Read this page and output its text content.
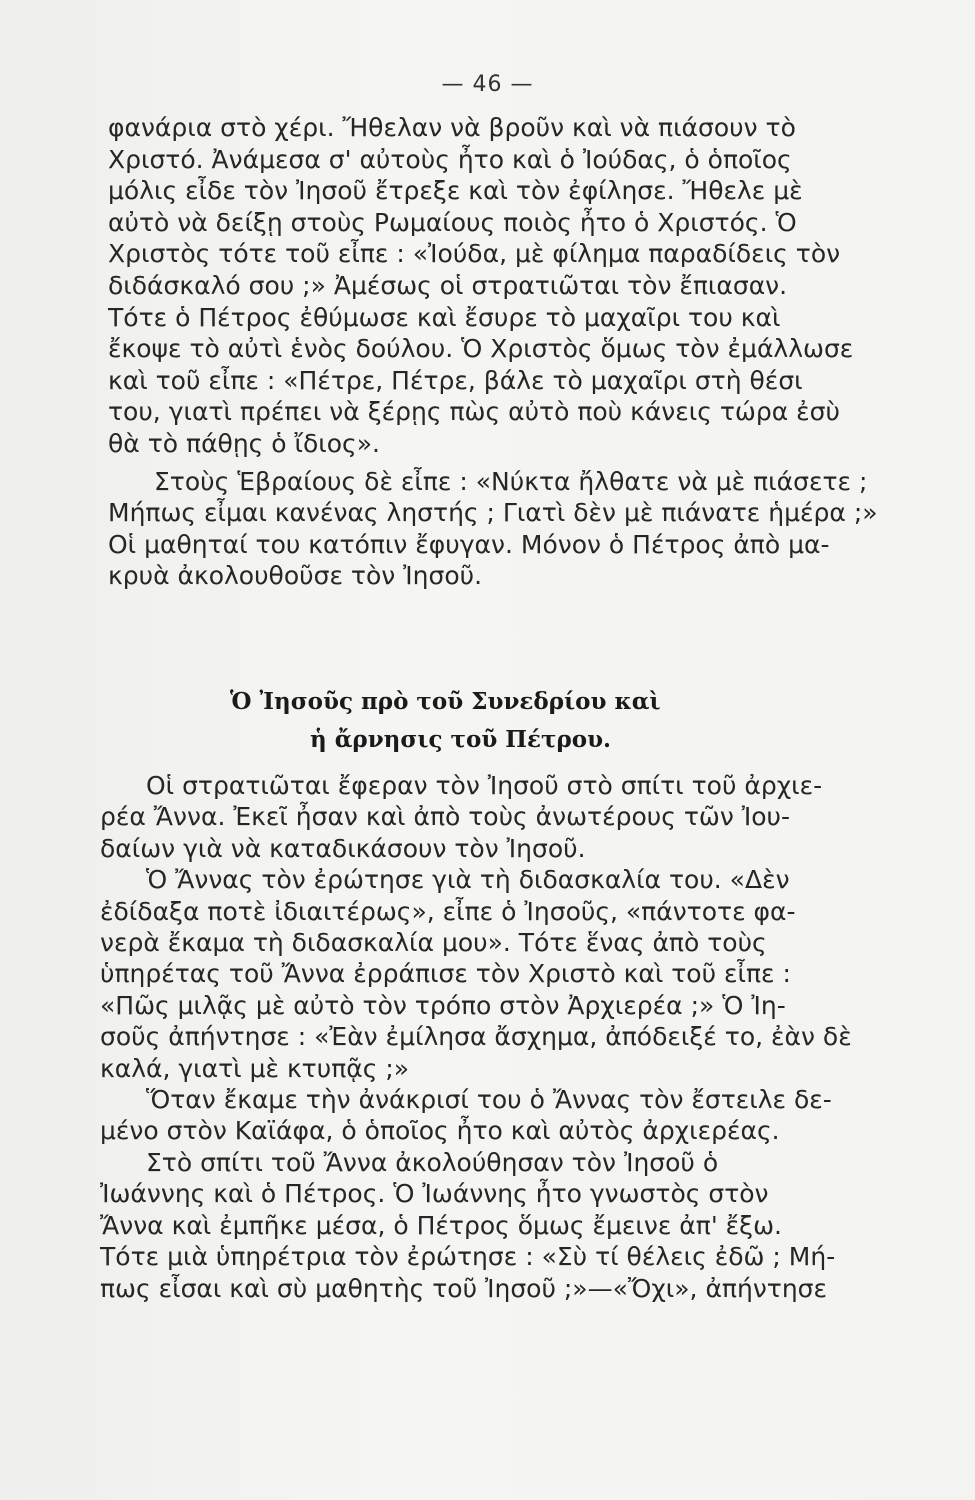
— 46 —
φανάρια στὸ χέρι. Ἤθελαν νὰ βροῦν καὶ νὰ πιάσουν τὸ
Χριστό. Ἀνάμεσα σ' αὐτοὺς ἦτο καὶ ὁ Ἰούδας, ὁ ὁποῖος
μόλις εἶδε τὸν Ἰησοῦ ἔτρεξε καὶ τὸν ἐφίλησε. Ἤθελε μὲ
αὐτὸ νὰ δείξῃ στοὺς Ρωμαίους ποιὸς ἦτο ὁ Χριστός. Ὁ
Χριστὸς τότε τοῦ εἶπε : «Ἰούδα, μὲ φίλημα παραδίδεις τὸν
διδάσκαλό σου ;» Ἀμέσως οἱ στρατιῶται τὸν ἔπιασαν.
Τότε ὁ Πέτρος ἐθύμωσε καὶ ἔσυρε τὸ μαχαῖρι του καὶ
ἔκοψε τὸ αὐτὶ ἑνὸς δούλου. Ὁ Χριστὸς ὅμως τὸν ἐμάλλωσε
καὶ τοῦ εἶπε : «Πέτρε, Πέτρε, βάλε τὸ μαχαῖρι στὴ θέσι
του, γιατὶ πρέπει νὰ ξέρῃς πὼς αὐτὸ ποὺ κάνεις τώρα ἐσὺ
θὰ τὸ πάθῃς ὁ ἴδιος».
Στοὺς Ἑβραίους δὲ εἶπε : «Νύκτα ἤλθατε νὰ μὲ πιάσετε ;
Μήπως εἶμαι κανένας ληστής ; Γιατὶ δὲν μὲ πιάνατε ἡμέρα ;»
Οἱ μαθηταί του κατόπιν ἔφυγαν. Μόνον ὁ Πέτρος ἀπὸ μα-
κρυὰ ἀκολουθοῦσε τὸν Ἰησοῦ.
Ὁ Ἰησοῦς πρὸ τοῦ Συνεδρίου καὶ
ἡ ἄρνησις τοῦ Πέτρου.
Οἱ στρατιῶται ἔφεραν τὸν Ἰησοῦ στὸ σπίτι τοῦ ἀρχιε-
ρέα Ἄννα. Ἐκεῖ ἦσαν καὶ ἀπὸ τοὺς ἀνωτέρους τῶν Ἰου-
δαίων γιὰ νὰ καταδικάσουν τὸν Ἰησοῦ.
Ὁ Ἄννας τὸν ἐρώτησε γιὰ τὴ διδασκαλία του. «Δὲν
ἐδίδαξα ποτὲ ἰδιαιτέρως», εἶπε ὁ Ἰησοῦς, «πάντοτε φα-
νερὰ ἔκαμα τὴ διδασκαλία μου». Τότε ἕνας ἀπὸ τοὺς
ὑπηρέτας τοῦ Ἄννα ἐρράπισε τὸν Χριστὸ καὶ τοῦ εἶπε :
«Πῶς μιλᾷς μὲ αὐτὸ τὸν τρόπο στὸν Ἀρχιερέα ;» Ὁ Ἰη-
σοῦς ἀπήντησε : «Ἐὰν ἐμίλησα ἄσχημα, ἀπόδειξέ το, ἐὰν δὲ
καλά, γιατὶ μὲ κτυπᾷς ;»
Ὅταν ἔκαμε τὴν ἀνάκρισί του ὁ Ἄννας τὸν ἔστειλε δε-
μένο στὸν Καϊάφα, ὁ ὁποῖος ἦτο καὶ αὐτὸς ἀρχιερέας.
Στὸ σπίτι τοῦ Ἄννα ἀκολούθησαν τὸν Ἰησοῦ ὁ
Ἰωάννης καὶ ὁ Πέτρος. Ὁ Ἰωάννης ἦτο γνωστὸς στὸν
Ἄννα καὶ ἐμπῆκε μέσα, ὁ Πέτρος ὅμως ἔμεινε ἀπ' ἔξω.
Τότε μιὰ ὑπηρέτρια τὸν ἐρώτησε : «Σὺ τί θέλεις ἐδῶ ; Μή-
πως εἶσαι καὶ σὺ μαθητὴς τοῦ Ἰησοῦ ;»—«Ὄχι», ἀπήντησε
